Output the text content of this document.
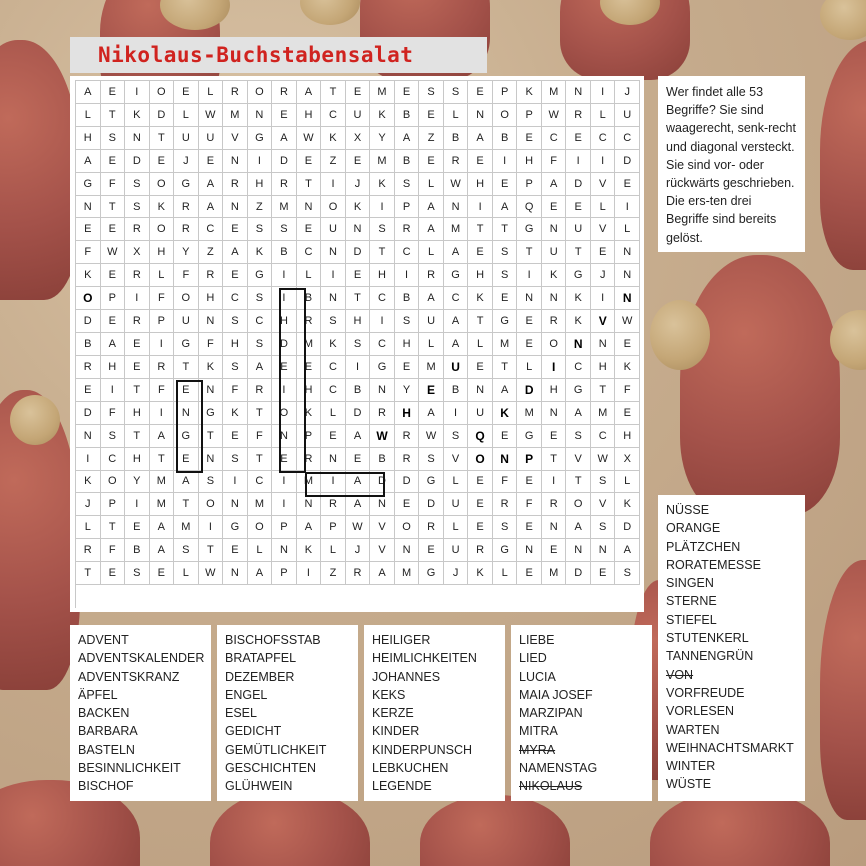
Nikolaus-Buchstabensalat
A	E	I	O	E	L	R	O	R	A	T	E	M	E	S	S	E	P	K	M	N	I	J
L	T	K	D	L	W	M	N	E	H	C	U	K	B	E	L	N	O	P	W	R	L	U
H	S	N	T	U	U	V	G	A	W	K	X	Y	A	Z	B	A	B	E	C	E	C	C
A	E	D	E	J	E	N	I	D	E	Z	E	M	B	E	R	E	I	H	F	I	I	D
G	F	S	O	G	A	R	H	R	T	I	J	K	S	L	W	H	E	P	A	D	V	E
N	T	S	K	R	A	N	Z	M	N	O	K	I	P	A	N	I	A	Q	E	E	L	I
E	E	R	O	R	C	E	S	S	E	U	N	S	R	A	M	T	T	G	N	U	V	L
F	W	X	H	Y	Z	A	K	B	C	N	D	T	C	L	A	E	S	T	U	T	E	N
K	E	R	L	F	R	E	G	I	L	I	E	H	I	R	G	H	S	I	K	G	J	N
O	P	I	F	O	H	C	S	I	B	N	T	C	B	A	C	K	E	N	N	K	I	N
D	E	R	P	U	N	S	C	H	R	S	H	I	S	U	A	T	G	E	R	K	V	W
B	A	E	I	G	F	H	S	D	M	K	S	C	H	L	A	L	M	E	O	N	N	E
R	H	E	R	T	K	S	A	E	E	C	I	G	E	M	U	E	T	L	I	C	H	K
E	I	T	F	E	N	F	R	I	H	C	B	N	Y	E	B	N	A	D	H	G	T	F
D	F	H	I	N	G	K	T	O	K	L	D	R	H	A	I	U	K	M	N	A	M	E
N	S	T	A	G	T	E	F	N	P	E	A	W	R	W	S	Q	E	G	E	S	C	H
I	C	H	T	E	N	S	T	E	R	N	E	B	R	S	V	O	N	P	T	V	W	X
K	O	Y	M	A	S	I	C	I	M	I	A	D	D	G	L	E	F	E	I	T	S	L
J	P	I	M	T	O	N	M	I	N	R	A	N	E	D	U	E	R	F	R	O	V	K
L	T	E	A	M	I	G	O	P	A	P	W	V	O	R	L	E	S	E	N	A	S	D
R	F	B	A	S	T	E	L	N	K	L	J	V	N	E	U	R	G	N	E	N	N	A
T	E	S	E	L	W	N	A	P	I	Z	R	A	M	G	J	K	L	E	M	D	E	S
Wer findet alle 53 Begriffe? Sie sind waagerecht, senk-recht und diagonal versteckt. Sie sind vor- oder rückwärts geschrieben. Die ers-ten drei Begriffe sind bereits gelöst.
ADVENT
ADVENTSKALENDER
ADVENTSKRANZ
ÄPFEL
BACKEN
BARBARA
BASTELN
BESINNLICHKEIT
BISCHOF
BISCHOFSSTAB
BRATAPFEL
DEZEMBER
ENGEL
ESEL
GEDICHT
GEMÜTLICHKEIT
GESCHICHTEN
GLÜHWEIN
HEILIGER
HEIMLICHKEITEN
JOHANNES
KEKS
KERZE
KINDER
KINDERPUNSCH
LEBKUCHEN
LEGENDE
LIEBE
LIED
LUCIA
MAIA JOSEF
MARZIPAN
MITRA
MYRA
NAMENSTAG
NIKOLAUS
NÜSSE
ORANGE
PLÄTZCHEN
RORATEMESSE
SINGEN
STERNE
STIEFEL
STUTENKERL
TANNENGRÜN
VON
VORFREUDE
VORLESEN
WARTEN
WEIHNACHTSMARKT
WINTER
WÜSTE
